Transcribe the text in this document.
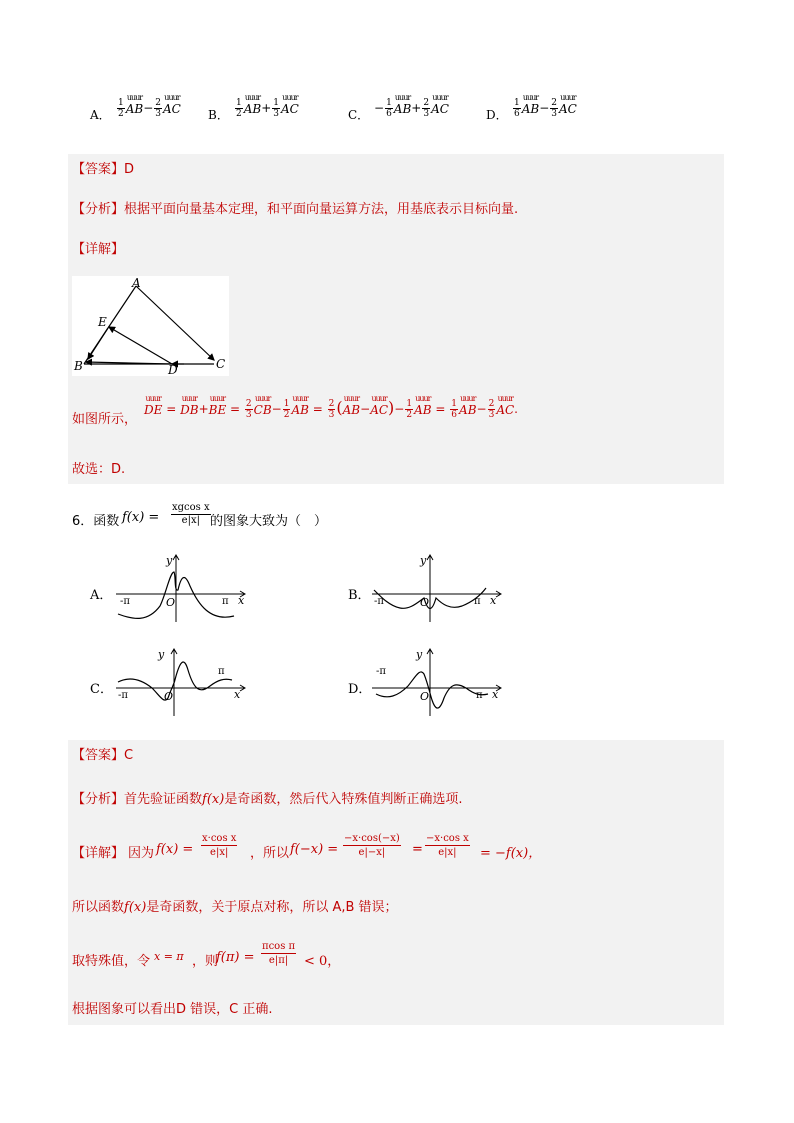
A． $\frac{1}{2}$ uuur $AB- \frac{2}{3}$ uuur AC B． $\frac{1}{2}$ uuur $AB+ \frac{1}{3}$ uuur AC	C． − $\frac{1}{6}$ uuur $AB+ \frac{2}{3}$ uuur AC	D． $\frac{1}{6}$ uuur $AB- \frac{2}{3}$ uuur AC
【答案】D
【分析】根据平面向量基本定理，和平面向量运算方法，用基底表示目标向量.
【详解】
A
E
B	D	C
如图所示，
uuur DE = uuur DB+uuur BE = $\frac{2}{3}$ uuur $CB- \frac{1}{2}$ uuur AB = $\frac{2}{3}$ (uuur AB−uuur $AC)- \frac{1}{2}$ uuur AB = $\frac{1}{6}$ uuur $AB- \frac{2}{3}$ uuur AC.
故选：D.
6．函数 $f(x) = \frac{\text{xgcos x}}{e|x|}$ 的图象大致为（　）
A． -π	O	π x
y
B． -π	O	π x
y
C． -π	O
π
x
y
D．
-π
O	π x
y
【答案】C
【分析】首先验证函数f(x)是奇函数，然后代入特殊值判断正确选项.
【详解】 因为 $f(x) = \frac{\text{x·cos x}}{e|x|}$ ，所以 $f(-x) = \frac{-x\cdot\cos(-x)}{e|-x|} = \frac{\text{−x·cos x}}{e|x|} = -f(x)$，
所以函数f(x)是奇函数，关于原点对称，所以 A,B 错误；
取特殊值，令 x = π ，则
$f(\pi) = \frac{\text{πcos π}}{e|\pi|} < 0$，
根据图象可以看出D 错误，C 正确.
